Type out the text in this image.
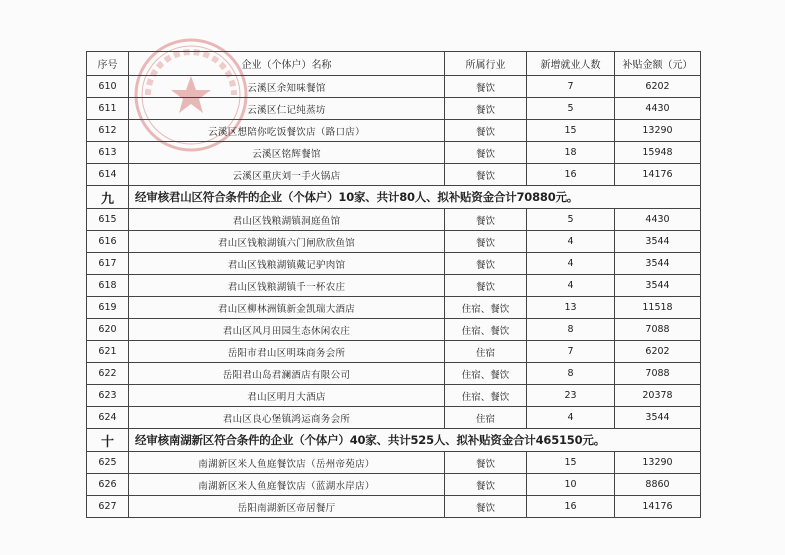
序号	企业（个体户）名称	所属行业	新增就业人数	补贴金额（元）
610	云溪区余知味餐馆	餐饮	7	6202
611	云溪区仁记纯蒸坊	餐饮	5	4430
612	云溪区想陪你吃饭餐饮店（路口店）	餐饮	15	13290
613	云溪区铭辉餐馆	餐饮	18	15948
614	云溪区重庆刘一手火锅店	餐饮	16	14176
九	经审核君山区符合条件的企业（个体户）10家、共计80人、拟补贴资金合计70880元。			
615	君山区钱粮湖镇洞庭鱼馆	餐饮	5	4430
616	君山区钱粮湖镇六门闸欣欣鱼馆	餐饮	4	3544
617	君山区钱粮湖镇戴记驴肉馆	餐饮	4	3544
618	君山区钱粮湖镇千一杯农庄	餐饮	4	3544
619	君山区柳林洲镇新金凯瑞大酒店	住宿、餐饮	13	11518
620	君山区风月田园生态休闲农庄	住宿、餐饮	8	7088
621	岳阳市君山区明珠商务会所	住宿	7	6202
622	岳阳君山岛君澜酒店有限公司	住宿、餐饮	8	7088
623	君山区明月大酒店	住宿、餐饮	23	20378
624	君山区良心堡镇鸿运商务会所	住宿	4	3544
十	经审核南湖新区符合条件的企业（个体户）40家、共计525人、拟补贴资金合计465150元。			
625	南湖新区米人鱼庭餐饮店（岳州帝苑店）	餐饮	15	13290
626	南湖新区米人鱼庭餐饮店（蓝湖水岸店）	餐饮	10	8860
627	岳阳南湖新区帝居餐厅	餐饮	16	14176
